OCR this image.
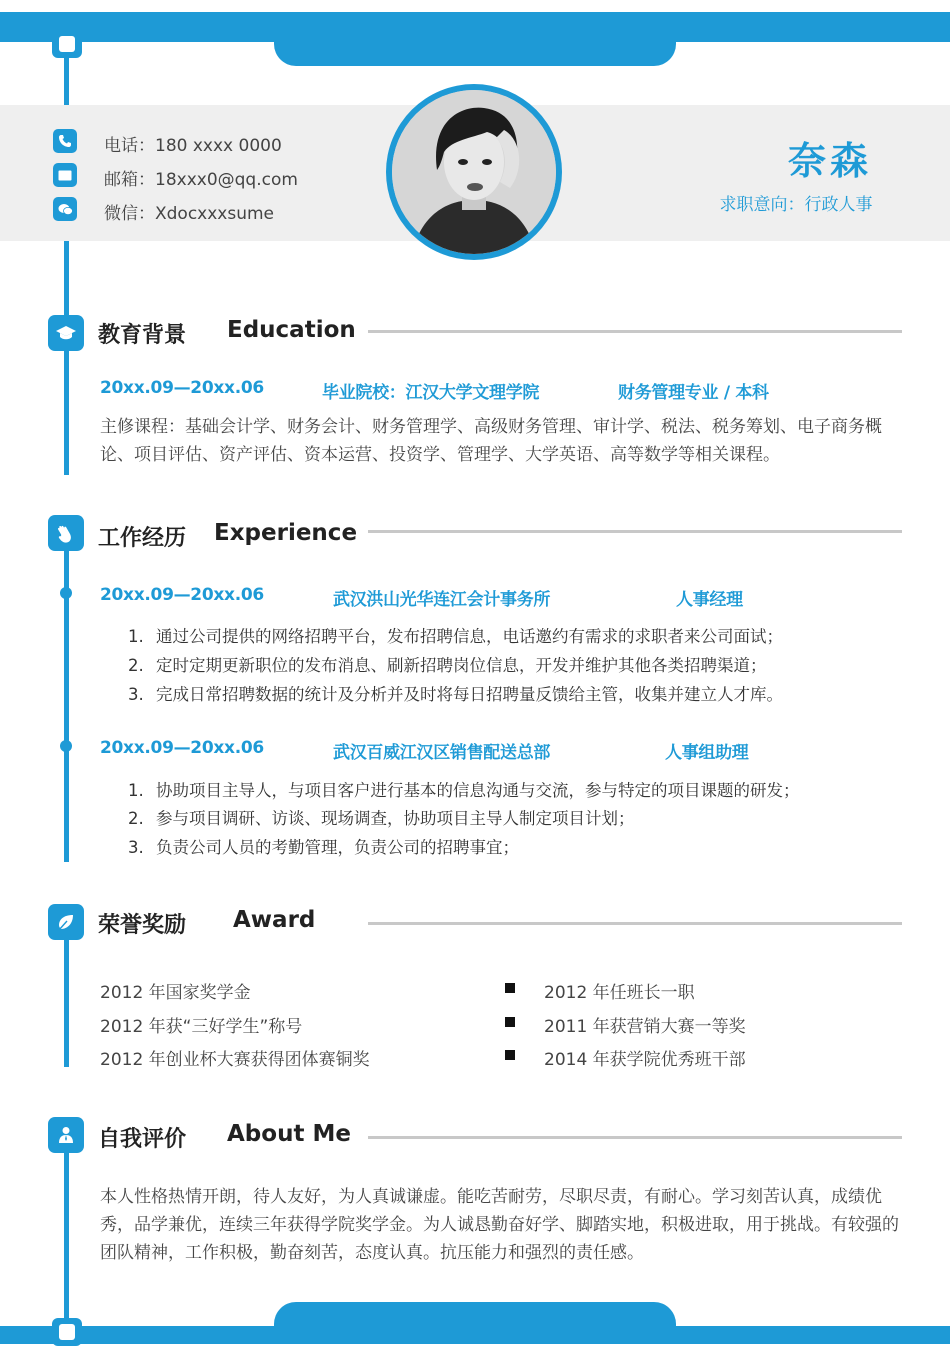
电话：180 xxxx 0000
邮箱：18xxx0@qq.com
微信：Xdocxxxsume
奈森
求职意向：行政人事
教育背景 Education
20xx.09—20xx.06	毕业院校：江汉大学文理学院	财务管理专业 / 本科
主修课程：基础会计学、财务会计、财务管理学、高级财务管理、审计学、税法、税务筹划、电子商务概论、项目评估、资产评估、资本运营、投资学、管理学、大学英语、高等数学等相关课程。
工作经历 Experience
20xx.09—20xx.06	武汉洪山光华连江会计事务所	人事经理
1. 通过公司提供的网络招聘平台，发布招聘信息，电话邀约有需求的求职者来公司面试；
2. 定时定期更新职位的发布消息、刷新招聘岗位信息，开发并维护其他各类招聘渠道；
3. 完成日常招聘数据的统计及分析并及时将每日招聘量反馈给主管，收集并建立人才库。
20xx.09—20xx.06	武汉百威江汉区销售配送总部	人事组助理
1. 协助项目主导人，与项目客户进行基本的信息沟通与交流，参与特定的项目课题的研发；
2. 参与项目调研、访谈、现场调查，协助项目主导人制定项目计划；
3. 负责公司人员的考勤管理，负责公司的招聘事宜；
荣誉奖励 Award
2012 年国家奖学金
2012 年获“三好学生”称号
2012 年创业杯大赛获得团体赛铜奖
2012 年任班长一职
2011 年获营销大赛一等奖
2014 年获学院优秀班干部
自我评价 About Me
本人性格热情开朗，待人友好，为人真诚谦虚。能吃苦耐劳，尽职尽责，有耐心。学习刻苦认真，成绩优秀，品学兼优，连续三年获得学院奖学金。为人诚恳勤奋好学、脚踏实地，积极进取，用于挑战。有较强的团队精神，工作积极，勤奋刻苦，态度认真。抗压能力和强烈的责任感。
